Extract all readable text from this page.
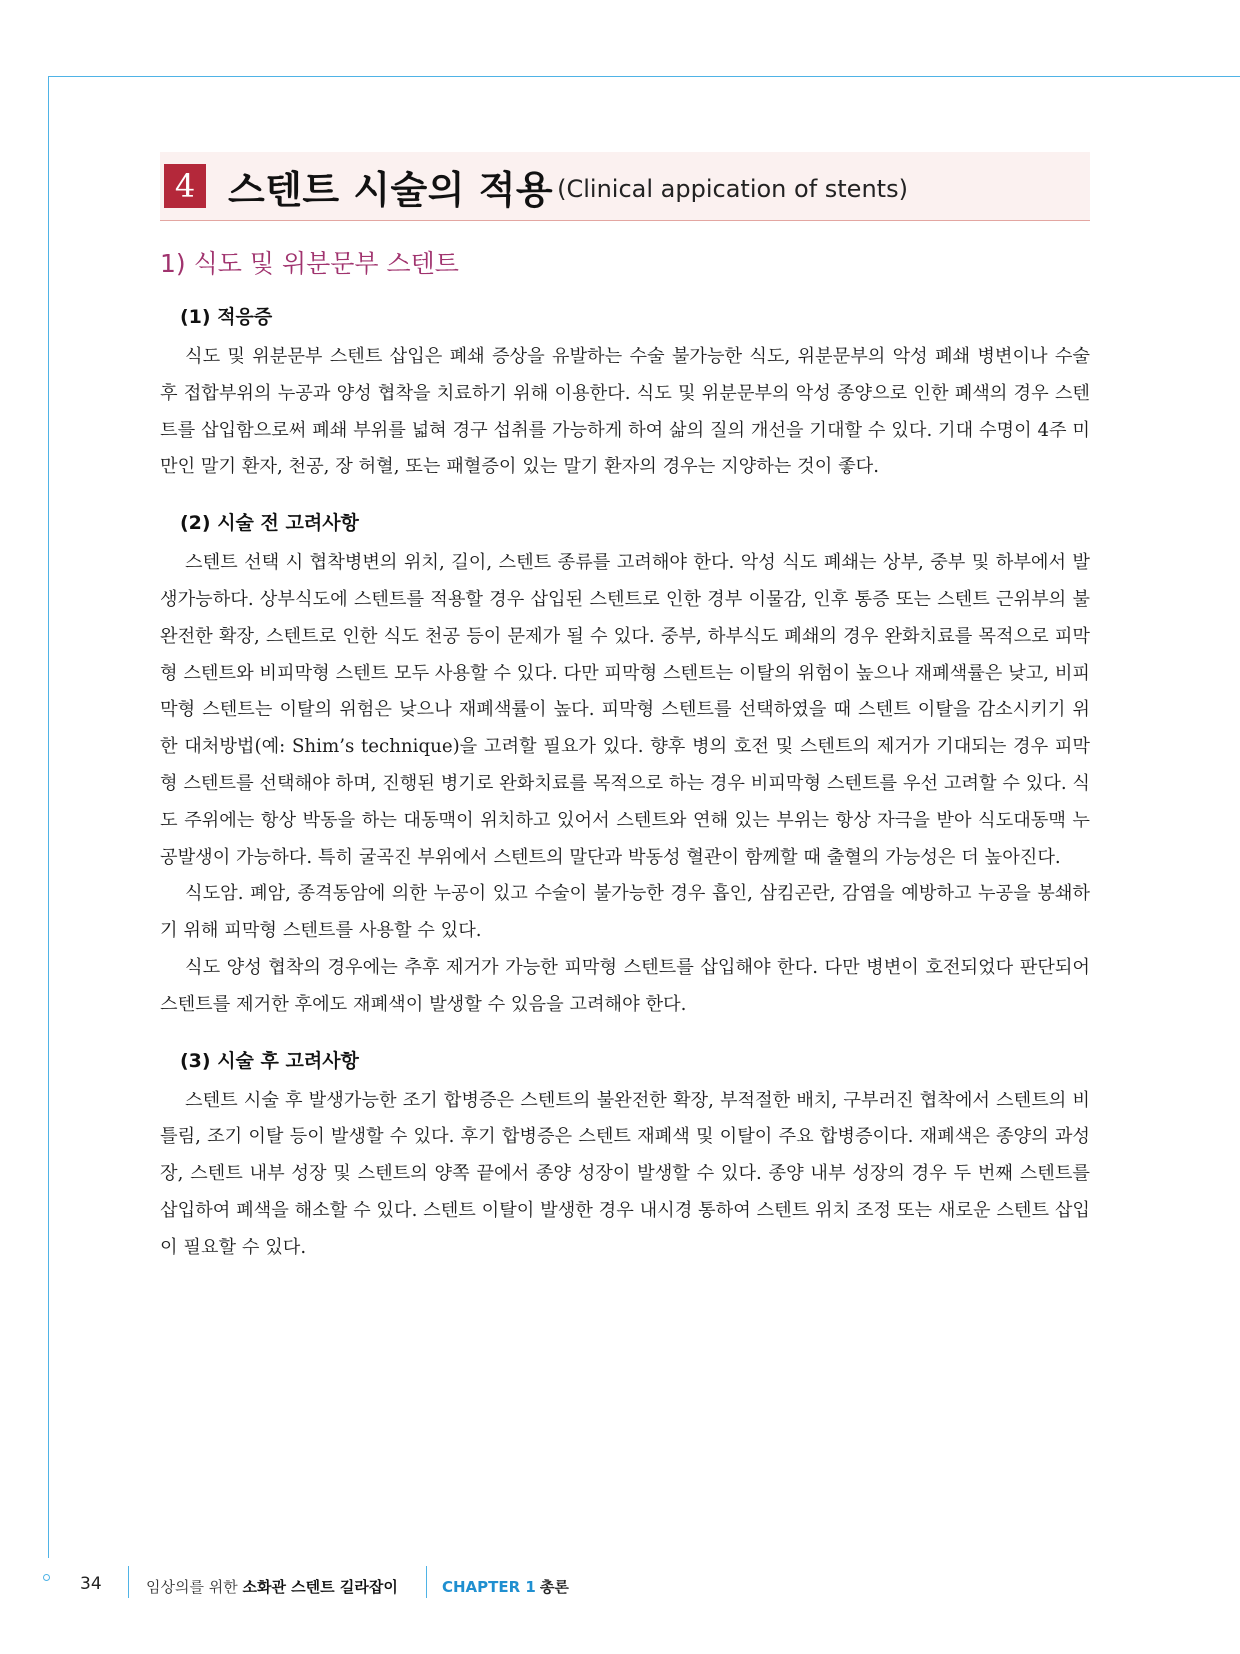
4 스텐트 시술의 적용 (Clinical appication of stents)
1) 식도 및 위분문부 스텐트
(1) 적응증

식도 및 위분문부 스텐트 삽입은 폐쇄 증상을 유발하는 수술 불가능한 식도, 위분문부의 악성 폐쇄 병변이나 수술 후 접합부위의 누공과 양성 협착을 치료하기 위해 이용한다. 식도 및 위분문부의 악성 종양으로 인한 폐색의 경우 스텐트를 삽입함으로써 폐쇄 부위를 넓혀 경구 섭취를 가능하게 하여 삶의 질의 개선을 기대할 수 있다. 기대 수명이 4주 미만인 말기 환자, 천공, 장 허혈, 또는 패혈증이 있는 말기 환자의 경우는 지양하는 것이 좋다.

(2) 시술 전 고려사항

스텐트 선택 시 협착병변의 위치, 길이, 스텐트 종류를 고려해야 한다. 악성 식도 폐쇄는 상부, 중부 및 하부에서 발생가능하다. 상부식도에 스텐트를 적용할 경우 삽입된 스텐트로 인한 경부 이물감, 인후 통증 또는 스텐트 근위부의 불완전한 확장, 스텐트로 인한 식도 천공 등이 문제가 될 수 있다. 중부, 하부식도 폐쇄의 경우 완화치료를 목적으로 피막형 스텐트와 비피막형 스텐트 모두 사용할 수 있다. 다만 피막형 스텐트는 이탈의 위험이 높으나 재폐색률은 낮고, 비피막형 스텐트는 이탈의 위험은 낮으나 재폐색률이 높다. 피막형 스텐트를 선택하였을 때 스텐트 이탈을 감소시키기 위한 대처방법(예: Shim’s technique)을 고려할 필요가 있다. 향후 병의 호전 및 스텐트의 제거가 기대되는 경우 피막형 스텐트를 선택해야 하며, 진행된 병기로 완화치료를 목적으로 하는 경우 비피막형 스텐트를 우선 고려할 수 있다. 식도 주위에는 항상 박동을 하는 대동맥이 위치하고 있어서 스텐트와 연해 있는 부위는 항상 자극을 받아 식도대동맥 누공발생이 가능하다. 특히 굴곡진 부위에서 스텐트의 말단과 박동성 혈관이 함께할 때 출혈의 가능성은 더 높아진다.

식도암. 폐암, 종격동암에 의한 누공이 있고 수술이 불가능한 경우 흡인, 삼킴곤란, 감염을 예방하고 누공을 봉쇄하기 위해 피막형 스텐트를 사용할 수 있다.

식도 양성 협착의 경우에는 추후 제거가 가능한 피막형 스텐트를 삽입해야 한다. 다만 병변이 호전되었다 판단되어 스텐트를 제거한 후에도 재폐색이 발생할 수 있음을 고려해야 한다.

(3) 시술 후 고려사항

스텐트 시술 후 발생가능한 조기 합병증은 스텐트의 불완전한 확장, 부적절한 배치, 구부러진 협착에서 스텐트의 비틀림, 조기 이탈 등이 발생할 수 있다. 후기 합병증은 스텐트 재폐색 및 이탈이 주요 합병증이다. 재폐색은 종양의 과성장, 스텐트 내부 성장 및 스텐트의 양쪽 끝에서 종양 성장이 발생할 수 있다. 종양 내부 성장의 경우 두 번째 스텐트를 삽입하여 폐색을 해소할 수 있다. 스텐트 이탈이 발생한 경우 내시경 통하여 스텐트 위치 조정 또는 새로운 스텐트 삽입이 필요할 수 있다.

34	임상의를 위한 소화관 스텐트 길라잡이	CHAPTER 1 총론
